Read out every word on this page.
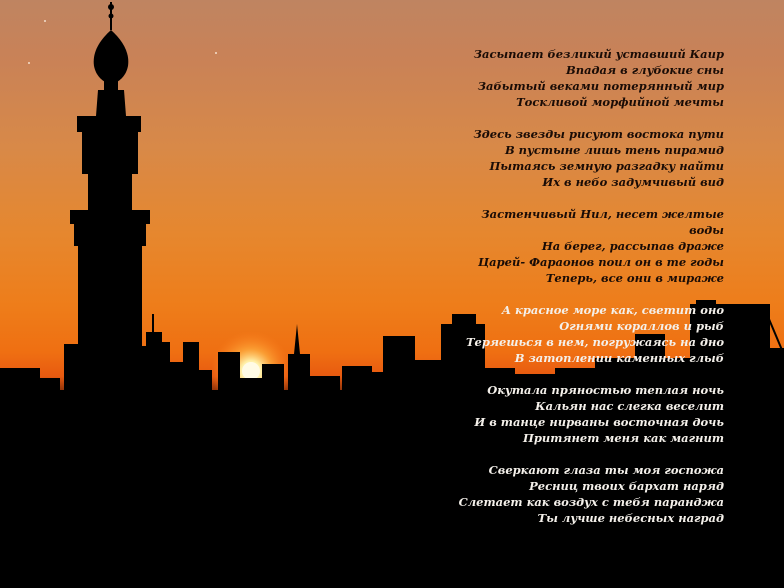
Засыпает безликий уставший Каир
Впадая в глубокие сны
Забытый веками потерянный мир
Тоскливой морфийной мечты

Здесь звезды рисуют востока пути
В пустыне лишь тень пирамид
Пытаясь земную разгадку найти
Их в небо задумчивый вид

Застенчивый Нил, несет желтые
воды
На берег, рассыпав драже
Царей- Фараонов поил он в те годы
Теперь, все они в мираже

А красное море как, светит оно
Огнями кораллов и рыб
Теряешься в нем, погружаясь на дно
В затоплении каменных глыб

Окутала пряностью теплая ночь
Кальян нас слегка веселит
И в танце нирваны восточная дочь
Притянет меня как магнит

Сверкают глаза ты моя госпожа
Ресниц твоих бархат наряд
Слетает как воздух с тебя паранджа
Ты лучше небесных наград
